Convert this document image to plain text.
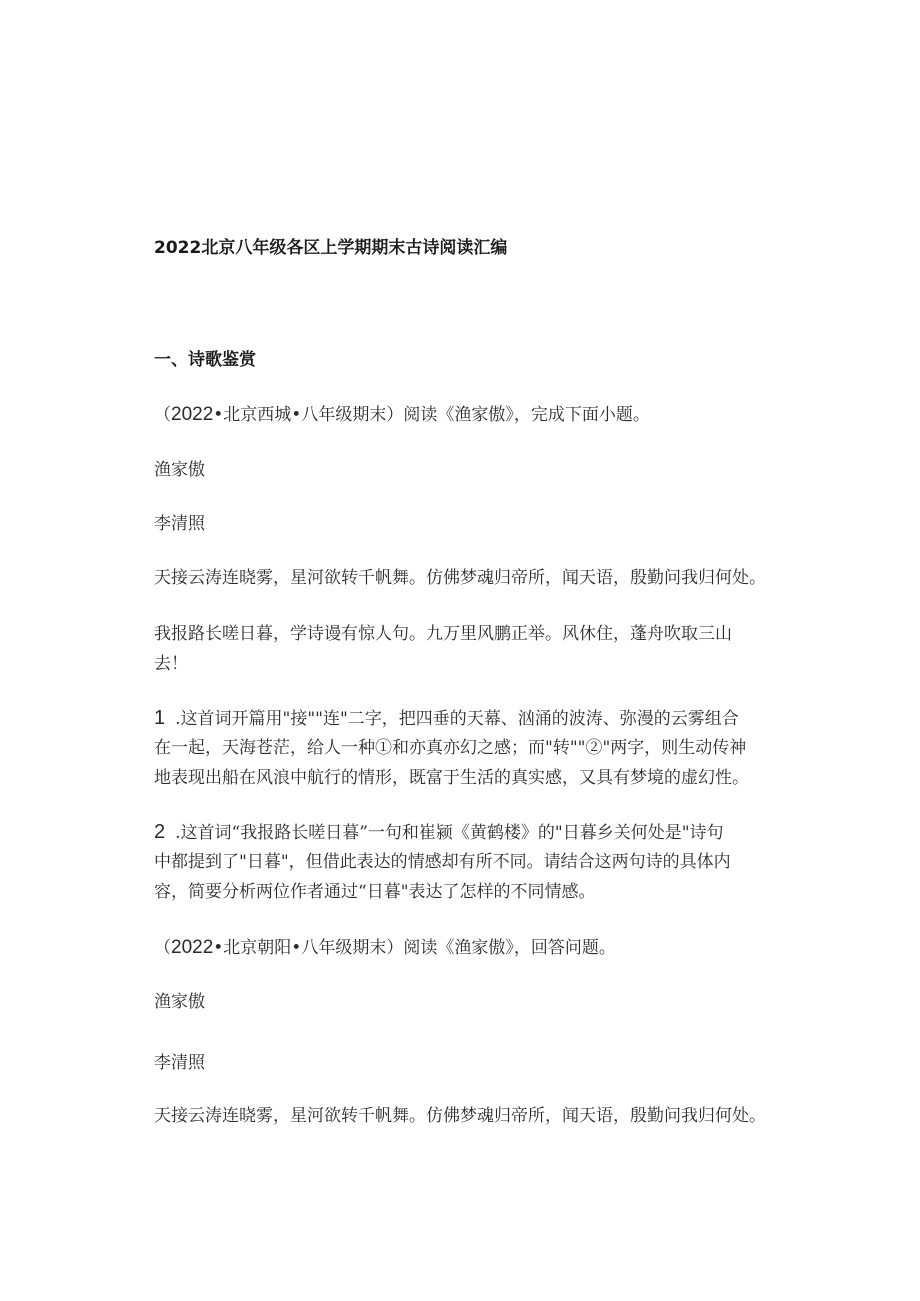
2022北京八年级各区上学期期末古诗阅读汇编
一、诗歌鉴赏
（2022•北京西城•八年级期末）阅读《渔家傲》，完成下面小题。
渔家傲
李清照
天接云涛连晓雾，星河欲转千帆舞。仿佛梦魂归帝所，闻天语，殷勤问我归何处。
我报路长嗟日暮，学诗谩有惊人句。九万里风鹏正举。风休住，蓬舟吹取三山
去！
1 .这首词开篇用"接""连"二字，把四垂的天幕、汹涌的波涛、弥漫的云雾组合
在一起，天海苍茫，给人一种①和亦真亦幻之感；而"转""②"两字，则生动传神
地表现出船在风浪中航行的情形，既富于生活的真实感，又具有梦境的虚幻性。
2 .这首词“我报路长嗟日暮”一句和崔颍《黄鹤楼》的"日暮乡关何处是"诗句
中都提到了"日暮"，但借此表达的情感却有所不同。请结合这两句诗的具体内
容，简要分析两位作者通过“日暮"表达了怎样的不同情感。
（2022•北京朝阳•八年级期末）阅读《渔家傲》，回答问题。
渔家傲
李清照
天接云涛连晓雾，星河欲转千帆舞。仿佛梦魂归帝所，闻天语，殷勤问我归何处。
